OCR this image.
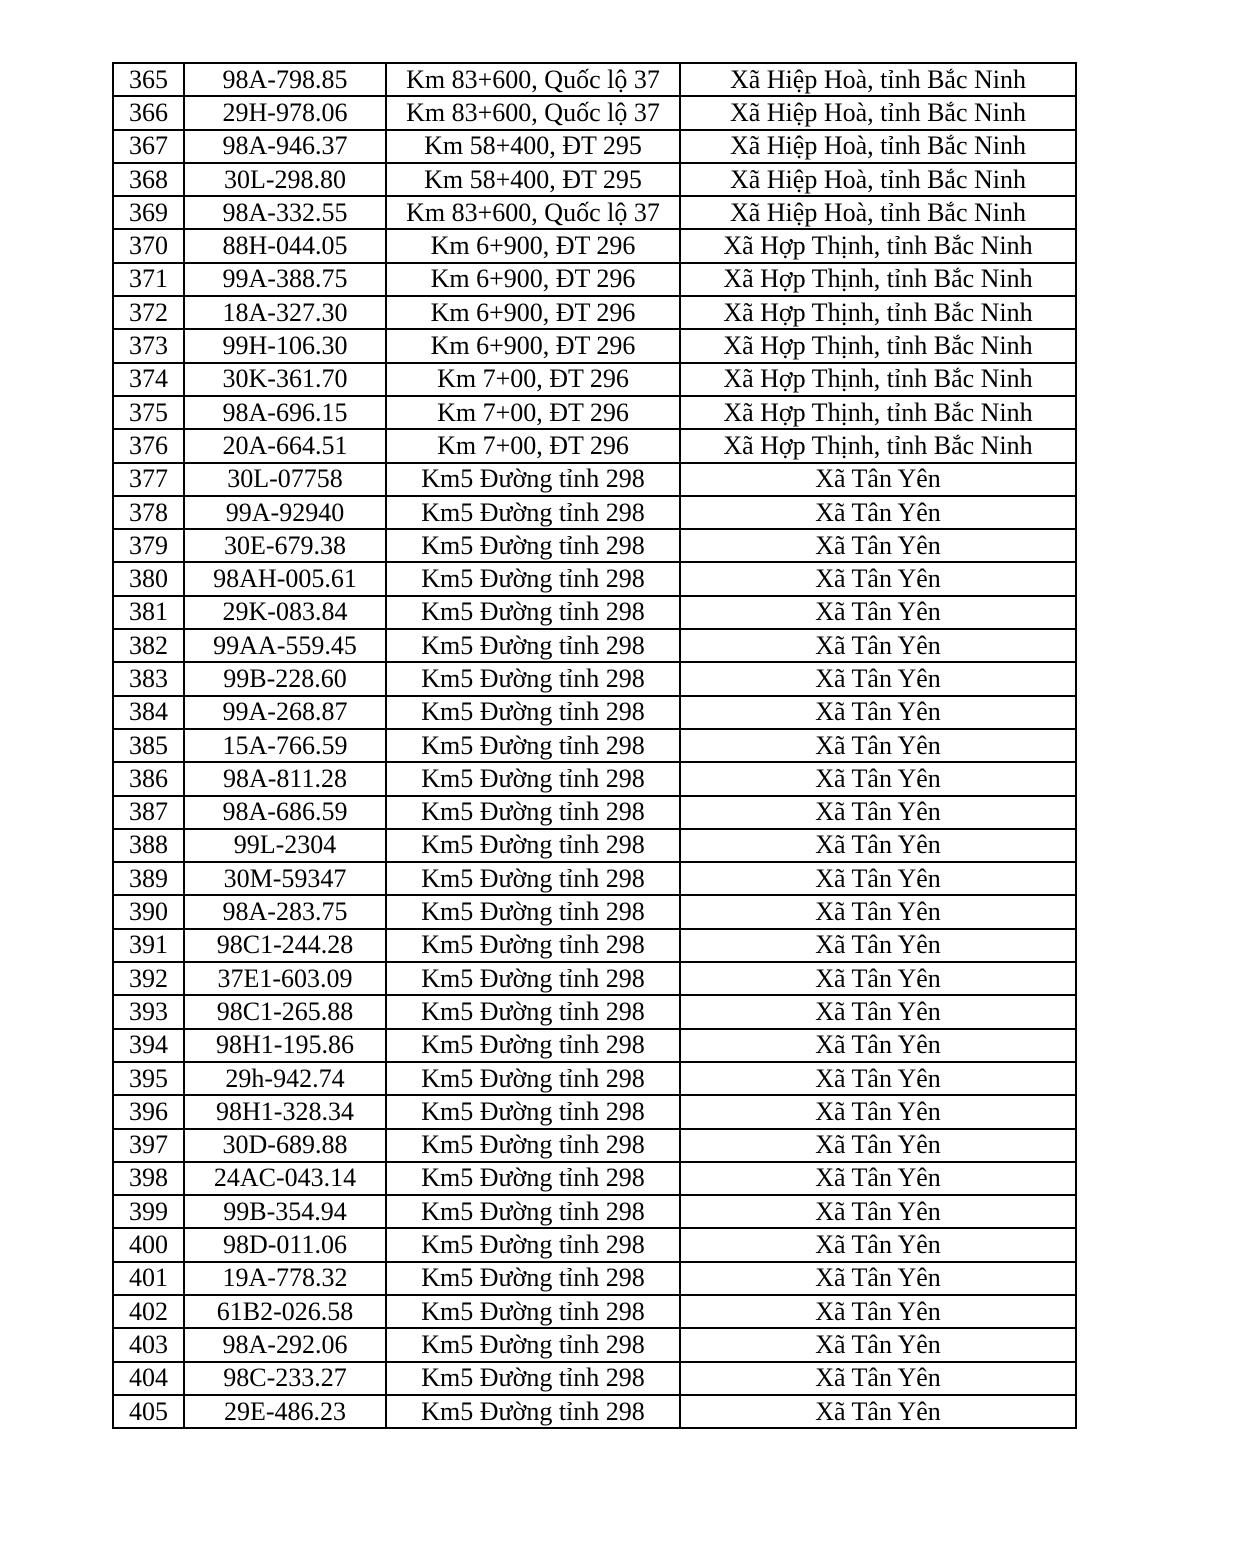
365	98A-798.85	Km 83+600, Quốc lộ 37	Xã Hiệp Hoà, tỉnh Bắc Ninh
366	29H-978.06	Km 83+600, Quốc lộ 37	Xã Hiệp Hoà, tỉnh Bắc Ninh
367	98A-946.37	Km 58+400, ĐT 295	Xã Hiệp Hoà, tỉnh Bắc Ninh
368	30L-298.80	Km 58+400, ĐT 295	Xã Hiệp Hoà, tỉnh Bắc Ninh
369	98A-332.55	Km 83+600, Quốc lộ 37	Xã Hiệp Hoà, tỉnh Bắc Ninh
370	88H-044.05	Km 6+900, ĐT 296	Xã Hợp Thịnh, tỉnh Bắc Ninh
371	99A-388.75	Km 6+900, ĐT 296	Xã Hợp Thịnh, tỉnh Bắc Ninh
372	18A-327.30	Km 6+900, ĐT 296	Xã Hợp Thịnh, tỉnh Bắc Ninh
373	99H-106.30	Km 6+900, ĐT 296	Xã Hợp Thịnh, tỉnh Bắc Ninh
374	30K-361.70	Km 7+00, ĐT 296	Xã Hợp Thịnh, tỉnh Bắc Ninh
375	98A-696.15	Km 7+00, ĐT 296	Xã Hợp Thịnh, tỉnh Bắc Ninh
376	20A-664.51	Km 7+00, ĐT 296	Xã Hợp Thịnh, tỉnh Bắc Ninh
377	30L-07758	Km5 Đường tỉnh 298	Xã Tân Yên
378	99A-92940	Km5 Đường tỉnh 298	Xã Tân Yên
379	30E-679.38	Km5 Đường tỉnh 298	Xã Tân Yên
380	98AH-005.61	Km5 Đường tỉnh 298	Xã Tân Yên
381	29K-083.84	Km5 Đường tỉnh 298	Xã Tân Yên
382	99AA-559.45	Km5 Đường tỉnh 298	Xã Tân Yên
383	99B-228.60	Km5 Đường tỉnh 298	Xã Tân Yên
384	99A-268.87	Km5 Đường tỉnh 298	Xã Tân Yên
385	15A-766.59	Km5 Đường tỉnh 298	Xã Tân Yên
386	98A-811.28	Km5 Đường tỉnh 298	Xã Tân Yên
387	98A-686.59	Km5 Đường tỉnh 298	Xã Tân Yên
388	99L-2304	Km5 Đường tỉnh 298	Xã Tân Yên
389	30M-59347	Km5 Đường tỉnh 298	Xã Tân Yên
390	98A-283.75	Km5 Đường tỉnh 298	Xã Tân Yên
391	98C1-244.28	Km5 Đường tỉnh 298	Xã Tân Yên
392	37E1-603.09	Km5 Đường tỉnh 298	Xã Tân Yên
393	98C1-265.88	Km5 Đường tỉnh 298	Xã Tân Yên
394	98H1-195.86	Km5 Đường tỉnh 298	Xã Tân Yên
395	29h-942.74	Km5 Đường tỉnh 298	Xã Tân Yên
396	98H1-328.34	Km5 Đường tỉnh 298	Xã Tân Yên
397	30D-689.88	Km5 Đường tỉnh 298	Xã Tân Yên
398	24AC-043.14	Km5 Đường tỉnh 298	Xã Tân Yên
399	99B-354.94	Km5 Đường tỉnh 298	Xã Tân Yên
400	98D-011.06	Km5 Đường tỉnh 298	Xã Tân Yên
401	19A-778.32	Km5 Đường tỉnh 298	Xã Tân Yên
402	61B2-026.58	Km5 Đường tỉnh 298	Xã Tân Yên
403	98A-292.06	Km5 Đường tỉnh 298	Xã Tân Yên
404	98C-233.27	Km5 Đường tỉnh 298	Xã Tân Yên
405	29E-486.23	Km5 Đường tỉnh 298	Xã Tân Yên
